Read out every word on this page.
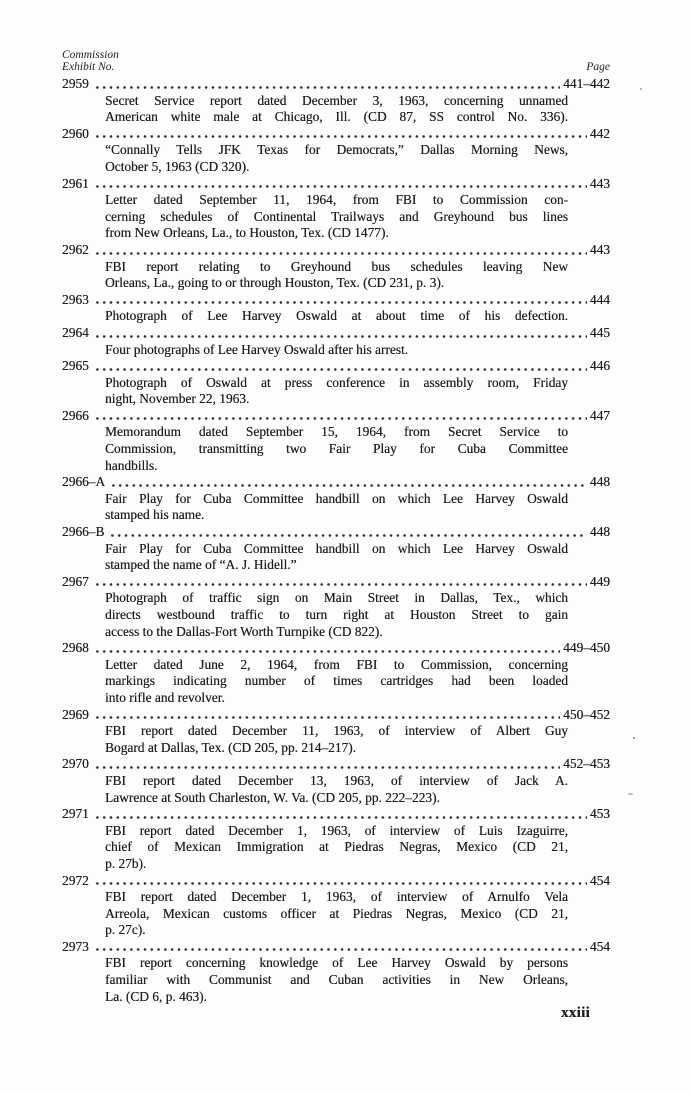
Commission
Exhibit No.	Page
2959	441–442
Secret Service report dated December 3, 1963, concerning unnamed
American white male at Chicago, Ill. (CD 87, SS control No. 336).
2960	442
“Connally Tells JFK Texas for Democrats,” Dallas Morning News,
October 5, 1963 (CD 320).
2961	443
Letter dated September 11, 1964, from FBI to Commission con-
cerning schedules of Continental Trailways and Greyhound bus lines
from New Orleans, La., to Houston, Tex. (CD 1477).
2962	443
FBI report relating to Greyhound bus schedules leaving New
Orleans, La., going to or through Houston, Tex. (CD 231, p. 3).
2963	444
Photograph of Lee Harvey Oswald at about time of his defection.
2964	445
Four photographs of Lee Harvey Oswald after his arrest.
2965	446
Photograph of Oswald at press conference in assembly room, Friday
night, November 22, 1963.
2966	447
Memorandum dated September 15, 1964, from Secret Service to
Commission, transmitting two Fair Play for Cuba Committee
handbills.
2966–A	448
Fair Play for Cuba Committee handbill on which Lee Harvey Oswald
stamped his name.
2966–B	448
Fair Play for Cuba Committee handbill on which Lee Harvey Oswald
stamped the name of “A. J. Hidell.”
2967	449
Photograph of traffic sign on Main Street in Dallas, Tex., which
directs westbound traffic to turn right at Houston Street to gain
access to the Dallas-Fort Worth Turnpike (CD 822).
2968	449–450
Letter dated June 2, 1964, from FBI to Commission, concerning
markings indicating number of times cartridges had been loaded
into rifle and revolver.
2969	450–452
FBI report dated December 11, 1963, of interview of Albert Guy
Bogard at Dallas, Tex. (CD 205, pp. 214–217).
2970	452–453
FBI report dated December 13, 1963, of interview of Jack A.
Lawrence at South Charleston, W. Va. (CD 205, pp. 222–223).
2971	453
FBI report dated December 1, 1963, of interview of Luis Izaguirre,
chief of Mexican Immigration at Piedras Negras, Mexico (CD 21,
p. 27b).
2972	454
FBI report dated December 1, 1963, of interview of Arnulfo Vela
Arreola, Mexican customs officer at Piedras Negras, Mexico (CD 21,
p. 27c).
2973	454
FBI report concerning knowledge of Lee Harvey Oswald by persons
familiar with Communist and Cuban activities in New Orleans,
La. (CD 6, p. 463).
xxiii
